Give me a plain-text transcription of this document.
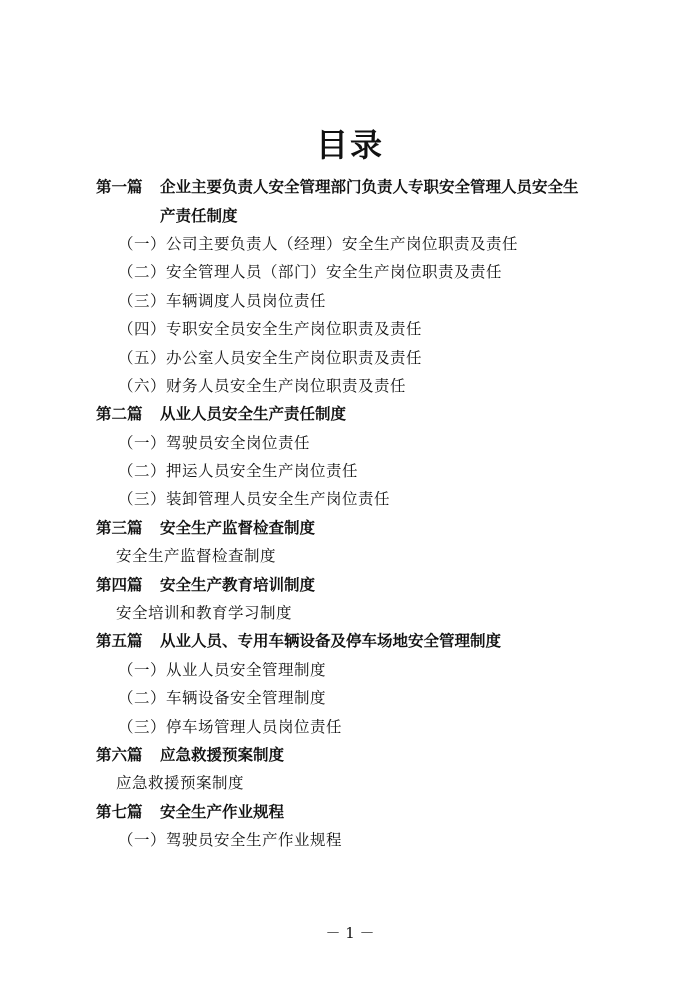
目录
第一篇	企业主要负责人安全管理部门负责人专职安全管理人员安全生
产责任制度
（一）公司主要负责人（经理）安全生产岗位职责及责任
（二）安全管理人员（部门）安全生产岗位职责及责任
（三）车辆调度人员岗位责任
（四）专职安全员安全生产岗位职责及责任
（五）办公室人员安全生产岗位职责及责任
（六）财务人员安全生产岗位职责及责任
第二篇	从业人员安全生产责任制度
（一）驾驶员安全岗位责任
（二）押运人员安全生产岗位责任
（三）装卸管理人员安全生产岗位责任
第三篇	安全生产监督检查制度
安全生产监督检查制度
第四篇	安全生产教育培训制度
安全培训和教育学习制度
第五篇	从业人员、专用车辆设备及停车场地安全管理制度
（一）从业人员安全管理制度
（二）车辆设备安全管理制度
（三）停车场管理人员岗位责任
第六篇	应急救援预案制度
应急救援预案制度
第七篇	安全生产作业规程
（一）驾驶员安全生产作业规程
－ 1 －
